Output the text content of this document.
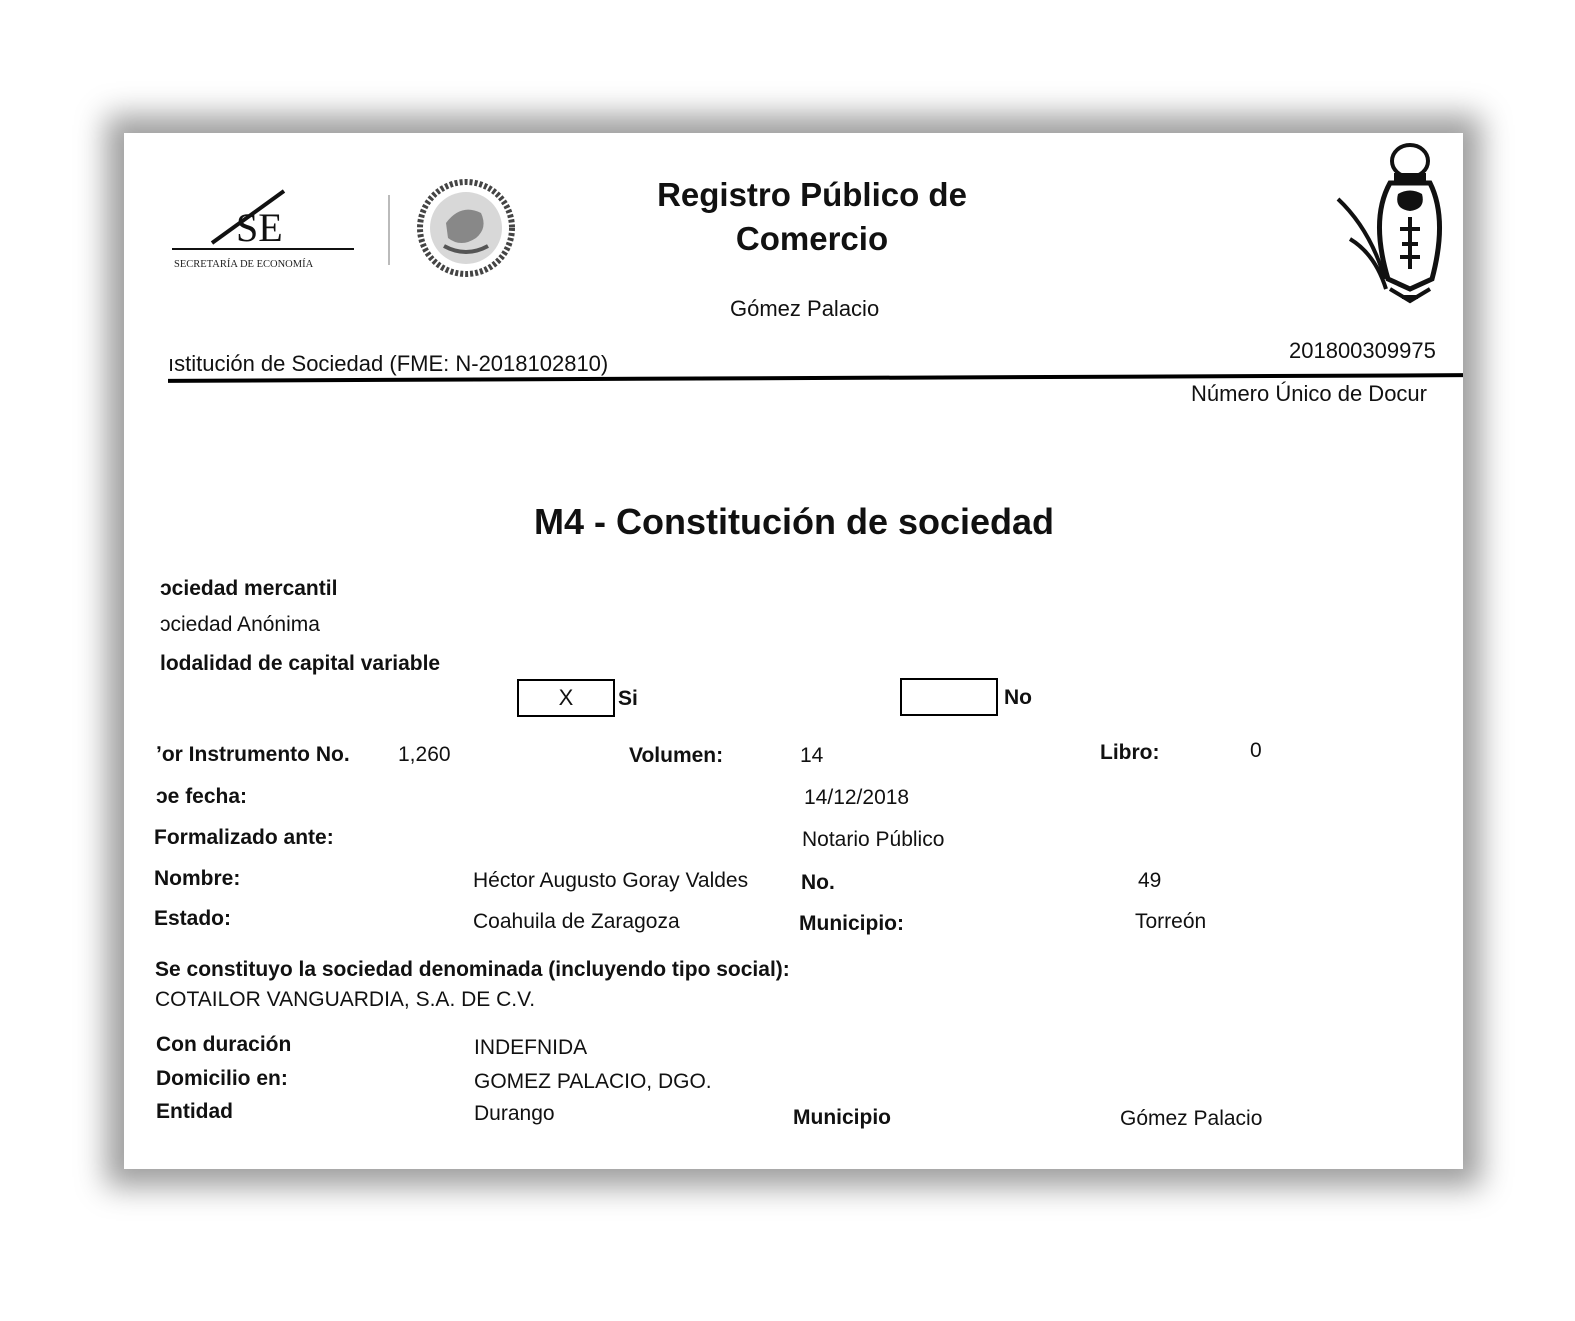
SE
SECRETARÍA DE ECONOMÍA
Registro Público de
Comercio
Gómez Palacio
ıstitución de Sociedad (FME: N-2018102810)
201800309975
Número Único de Docur
M4 - Constitución de sociedad
ɔciedad mercantil
ɔciedad Anónima
lodalidad de capital variable
X	Si	No
ʼor Instrumento No. 1,260	Volumen:	14	Libro:	0
ɔe fecha:	14/12/2018
Formalizado ante:	Notario Público
Nombre:	Héctor Augusto Goray Valdes	No.	49
Estado:	Coahuila de Zaragoza	Municipio:	Torreón
Se constituyo la sociedad denominada (incluyendo tipo social):
COTAILOR VANGUARDIA, S.A. DE C.V.
Con duración	INDEFNIDA
Domicilio en:	GOMEZ PALACIO, DGO.
Entidad	Durango	Municipio	Gómez Palacio
